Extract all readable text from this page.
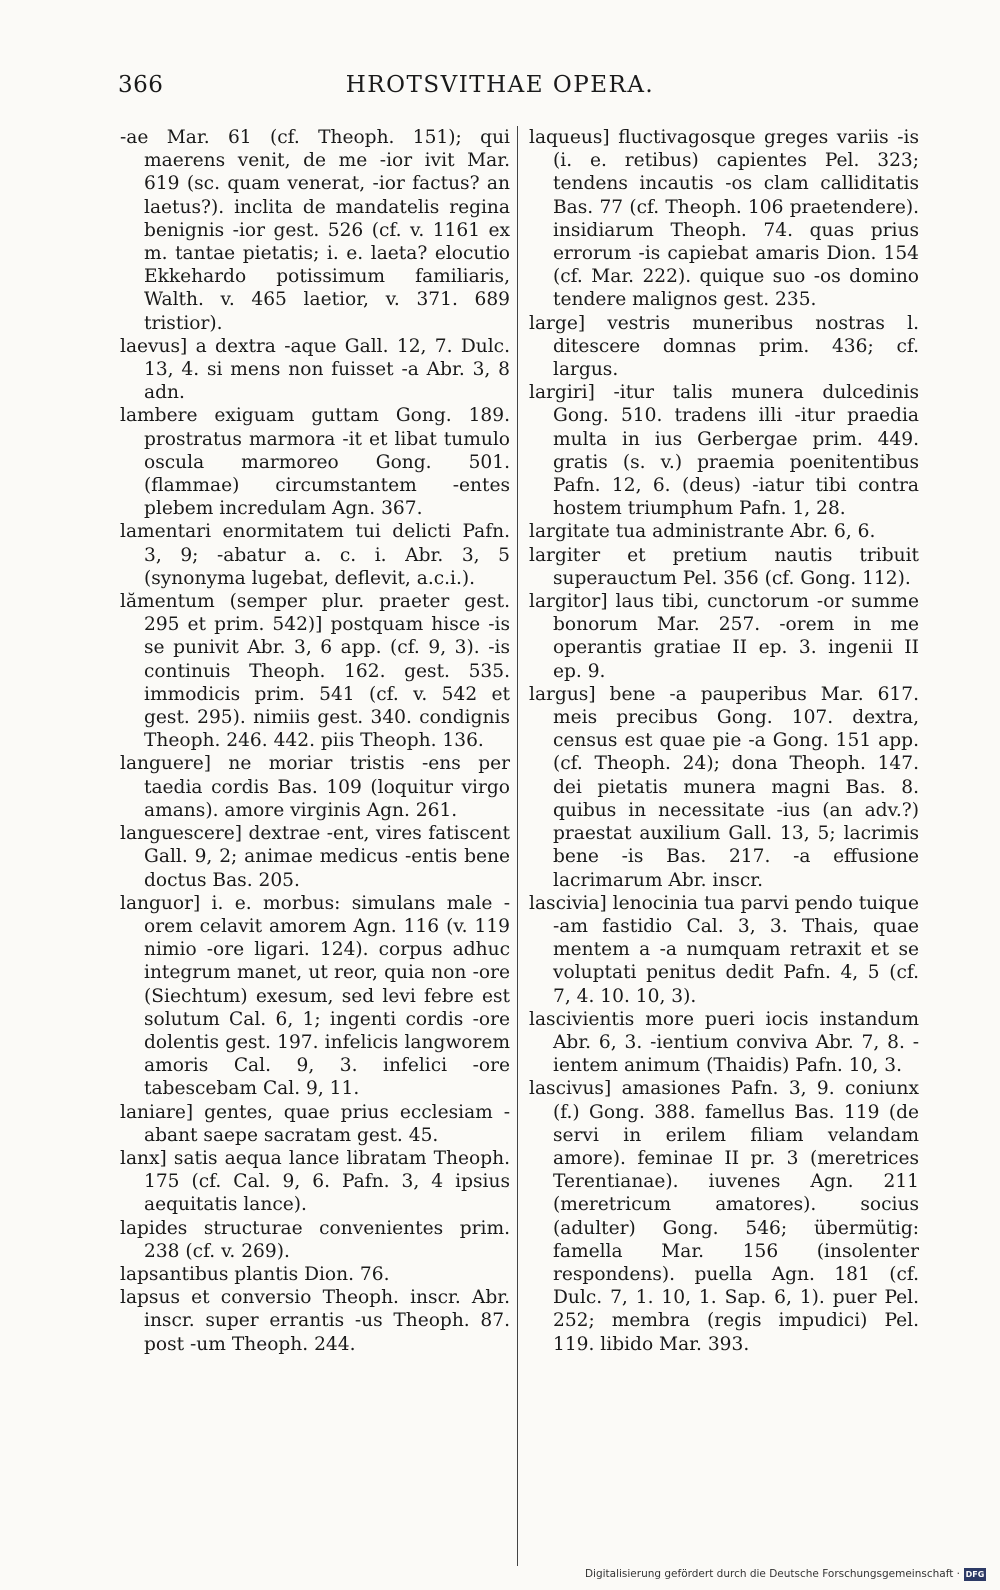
366	HROTSVITHAE OPERA.

-ae Mar. 61 (cf. Theoph. 151); qui maerens venit, de me -ior ivit Mar. 619 (sc. quam venerat, -ior factus? an laetus?). inclita de mandatelis regina benignis -ior gest. 526 (cf. v. 1161 ex m. tantae pietatis; i. e. laeta? elocutio Ekkehardo potissimum familiaris, Walth. v. 465 laetior, v. 371. 689 tristior).

laevus] a dextra -aque Gall. 12, 7. Dulc. 13, 4. si mens non fuisset -a Abr. 3, 8 adn.

lambere exiguam guttam Gong. 189. prostratus marmora -it et libat tumulo oscula marmoreo Gong. 501. (flammae) circumstantem -entes plebem incredulam Agn. 367.

lamentari enormitatem tui delicti Pafn. 3, 9; -abatur a. c. i. Abr. 3, 5 (synonyma lugebat, deflevit, a.c.i.).

lămentum (semper plur. praeter gest. 295 et prim. 542)] postquam hisce -is se punivit Abr. 3, 6 app. (cf. 9, 3). -is continuis Theoph. 162. gest. 535. immodicis prim. 541 (cf. v. 542 et gest. 295). nimiis gest. 340. condignis Theoph. 246. 442. piis Theoph. 136.

languere] ne moriar tristis -ens per taedia cordis Bas. 109 (loquitur virgo amans). amore virginis Agn. 261.

languescere] dextrae -ent, vires fatiscent Gall. 9, 2; animae medicus -entis bene doctus Bas. 205.

languor] i. e. morbus: simulans male -orem celavit amorem Agn. 116 (v. 119 nimio -ore ligari. 124). corpus adhuc integrum manet, ut reor, quia non -ore (Siechtum) exesum, sed levi febre est solutum Cal. 6, 1; ingenti cordis -ore dolentis gest. 197. infelicis langworem amoris Cal. 9, 3. infelici -ore tabescebam Cal. 9, 11.

laniare] gentes, quae prius ecclesiam -abant saepe sacratam gest. 45.

lanx] satis aequa lance libratam Theoph. 175 (cf. Cal. 9, 6. Pafn. 3, 4 ipsius aequitatis lance).

lapides structurae convenientes prim. 238 (cf. v. 269).

lapsantibus plantis Dion. 76.

lapsus et conversio Theoph. inscr. Abr. inscr. super errantis -us Theoph. 87. post -um Theoph. 244.

laqueus] fluctivagosque greges variis -is (i. e. retibus) capientes Pel. 323; tendens incautis -os clam calliditatis Bas. 77 (cf. Theoph. 106 praetendere). insidiarum Theoph. 74. quas prius errorum -is capiebat amaris Dion. 154 (cf. Mar. 222). quique suo -os domino tendere malignos gest. 235.

large] vestris muneribus nostras l. ditescere domnas prim. 436; cf. largus.

largiri] -itur talis munera dulcedinis Gong. 510. tradens illi -itur praedia multa in ius Gerbergae prim. 449. gratis (s. v.) praemia poenitentibus Pafn. 12, 6. (deus) -iatur tibi contra hostem triumphum Pafn. 1, 28.

largitate tua administrante Abr. 6, 6.

largiter et pretium nautis tribuit superauctum Pel. 356 (cf. Gong. 112).

largitor] laus tibi, cunctorum -or summe bonorum Mar. 257. -orem in me operantis gratiae II ep. 3. ingenii II ep. 9.

largus] bene -a pauperibus Mar. 617. meis precibus Gong. 107. dextra, census est quae pie -a Gong. 151 app. (cf. Theoph. 24); dona Theoph. 147. dei pietatis munera magni Bas. 8. quibus in necessitate -ius (an adv.?) praestat auxilium Gall. 13, 5; lacrimis bene -is Bas. 217. -a effusione lacrimarum Abr. inscr.

lascivia] lenocinia tua parvi pendo tuique -am fastidio Cal. 3, 3. Thais, quae mentem a -a numquam retraxit et se voluptati penitus dedit Pafn. 4, 5 (cf. 7, 4. 10. 10, 3).

lascivientis more pueri iocis instandum Abr. 6, 3. -ientium conviva Abr. 7, 8. -ientem animum (Thaidis) Pafn. 10, 3.

lascivus] amasiones Pafn. 3, 9. coniunx (f.) Gong. 388. famellus Bas. 119 (de servi in erilem filiam velandam amore). feminae II pr. 3 (meretrices Terentianae). iuvenes Agn. 211 (meretricum amatores). socius (adulter) Gong. 546; übermütig: famella Mar. 156 (insolenter respondens). puella Agn. 181 (cf. Dulc. 7, 1. 10, 1. Sap. 6, 1). puer Pel. 252; membra (regis impudici) Pel. 119. libido Mar. 393.

Digitalisierung gefördert durch die Deutsche Forschungsgemeinschaft · DFG
